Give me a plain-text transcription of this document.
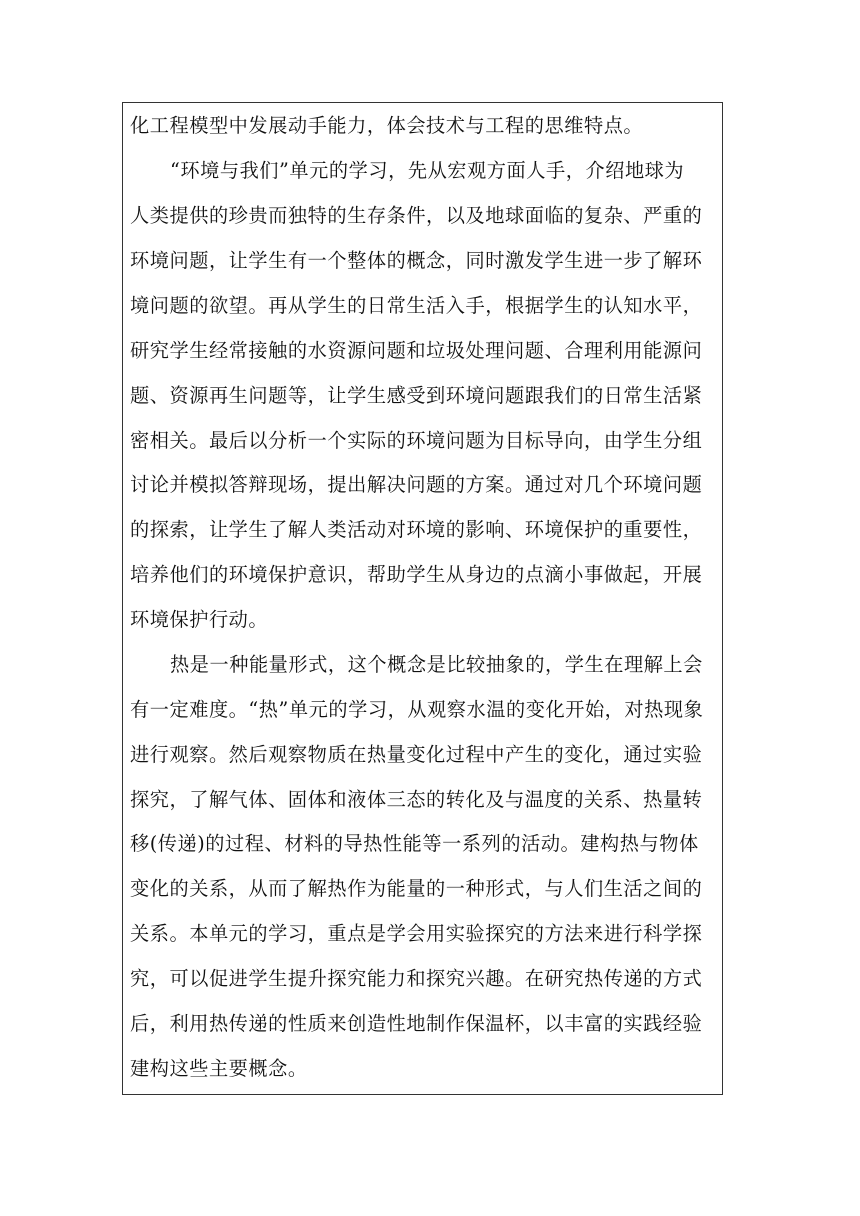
化工程模型中发展动手能力，体会技术与工程的思维特点。
“环境与我们”单元的学习，先从宏观方面人手，介绍地球为
人类提供的珍贵而独特的生存条件，以及地球面临的复杂、严重的
环境问题，让学生有一个整体的概念，同时激发学生进一步了解环
境问题的欲望。再从学生的日常生活入手，根据学生的认知水平，
研究学生经常接触的水资源问题和垃圾处理问题、合理利用能源问
题、资源再生问题等，让学生感受到环境问题跟我们的日常生活紧
密相关。最后以分析一个实际的环境问题为目标导向，由学生分组
讨论并模拟答辩现场，提出解决问题的方案。通过对几个环境问题
的探索，让学生了解人类活动对环境的影响、环境保护的重要性，
培养他们的环境保护意识，帮助学生从身边的点滴小事做起，开展
环境保护行动。
热是一种能量形式，这个概念是比较抽象的，学生在理解上会
有一定难度。“热”单元的学习，从观察水温的变化开始，对热现象
进行观察。然后观察物质在热量变化过程中产生的变化，通过实验
探究，了解气体、固体和液体三态的转化及与温度的关系、热量转
移(传递)的过程、材料的导热性能等一系列的活动。建构热与物体
变化的关系，从而了解热作为能量的一种形式，与人们生活之间的
关系。本单元的学习，重点是学会用实验探究的方法来进行科学探
究，可以促进学生提升探究能力和探究兴趣。在研究热传递的方式
后，利用热传递的性质来创造性地制作保温杯，以丰富的实践经验
建构这些主要概念。
